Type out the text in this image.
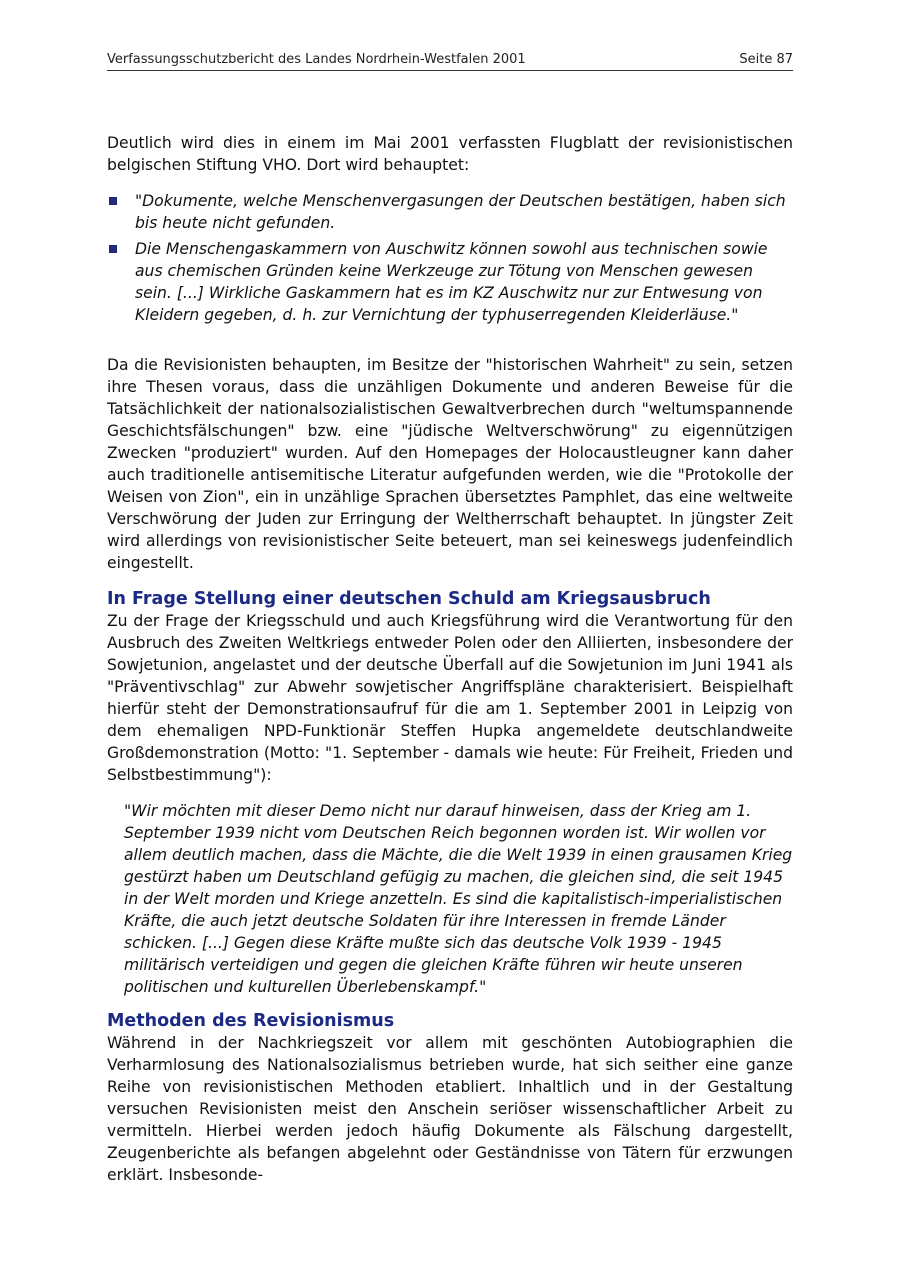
Verfassungsschutzbericht des Landes Nordrhein-Westfalen 2001	Seite 87

Deutlich wird dies in einem im Mai 2001 verfassten Flugblatt der revisionistischen belgischen Stiftung VHO. Dort wird behauptet:

"Dokumente, welche Menschenvergasungen der Deutschen bestätigen, haben sich bis heute nicht gefunden.
Die Menschengaskammern von Auschwitz können sowohl aus technischen sowie aus chemischen Gründen keine Werkzeuge zur Tötung von Menschen gewesen sein. [...] Wirkliche Gaskammern hat es im KZ Auschwitz nur zur Entwesung von Kleidern gegeben, d. h. zur Vernichtung der typhuserregenden Kleiderläuse."

Da die Revisionisten behaupten, im Besitze der "historischen Wahrheit" zu sein, setzen ihre Thesen voraus, dass die unzähligen Dokumente und anderen Beweise für die Tatsächlichkeit der nationalsozialistischen Gewaltverbrechen durch "weltumspannende Geschichtsfälschungen" bzw. eine "jüdische Weltverschwörung" zu eigennützigen Zwecken "produziert" wurden. Auf den Homepages der Holocaustleugner kann daher auch traditionelle antisemitische Literatur aufgefunden werden, wie die "Protokolle der Weisen von Zion", ein in unzählige Sprachen übersetztes Pamphlet, das eine weltweite Verschwörung der Juden zur Erringung der Weltherrschaft behauptet. In jüngster Zeit wird allerdings von revisionistischer Seite beteuert, man sei keineswegs judenfeindlich eingestellt.

In Frage Stellung einer deutschen Schuld am Kriegsausbruch

Zu der Frage der Kriegsschuld und auch Kriegsführung wird die Verantwortung für den Ausbruch des Zweiten Weltkriegs entweder Polen oder den Alliierten, insbesondere der Sowjetunion, angelastet und der deutsche Überfall auf die Sowjetunion im Juni 1941 als "Präventivschlag" zur Abwehr sowjetischer Angriffspläne charakterisiert. Beispielhaft hierfür steht der Demonstrationsaufruf für die am 1. September 2001 in Leipzig von dem ehemaligen NPD-Funktionär Steffen Hupka angemeldete deutschlandweite Großdemonstration (Motto: "1. September - damals wie heute: Für Freiheit, Frieden und Selbstbestimmung"):

"Wir möchten mit dieser Demo nicht nur darauf hinweisen, dass der Krieg am 1. September 1939 nicht vom Deutschen Reich begonnen worden ist. Wir wollen vor allem deutlich machen, dass die Mächte, die die Welt 1939 in einen grausamen Krieg gestürzt haben um Deutschland gefügig zu machen, die gleichen sind, die seit 1945 in der Welt morden und Kriege anzetteln. Es sind die kapitalistisch-imperialistischen Kräfte, die auch jetzt deutsche Soldaten für ihre Interessen in fremde Länder schicken. [...] Gegen diese Kräfte mußte sich das deutsche Volk 1939 - 1945 militärisch verteidigen und gegen die gleichen Kräfte führen wir heute unseren politischen und kulturellen Überlebenskampf."
Methoden des Revisionismus

Während in der Nachkriegszeit vor allem mit geschönten Autobiographien die Verharmlosung des Nationalsozialismus betrieben wurde, hat sich seither eine ganze Reihe von revisionistischen Methoden etabliert. Inhaltlich und in der Gestaltung versuchen Revisionisten meist den Anschein seriöser wissenschaftlicher Arbeit zu vermitteln. Hierbei werden jedoch häufig Dokumente als Fälschung dargestellt, Zeugenberichte als befangen abgelehnt oder Geständnisse von Tätern für erzwungen erklärt. Insbesonde-
